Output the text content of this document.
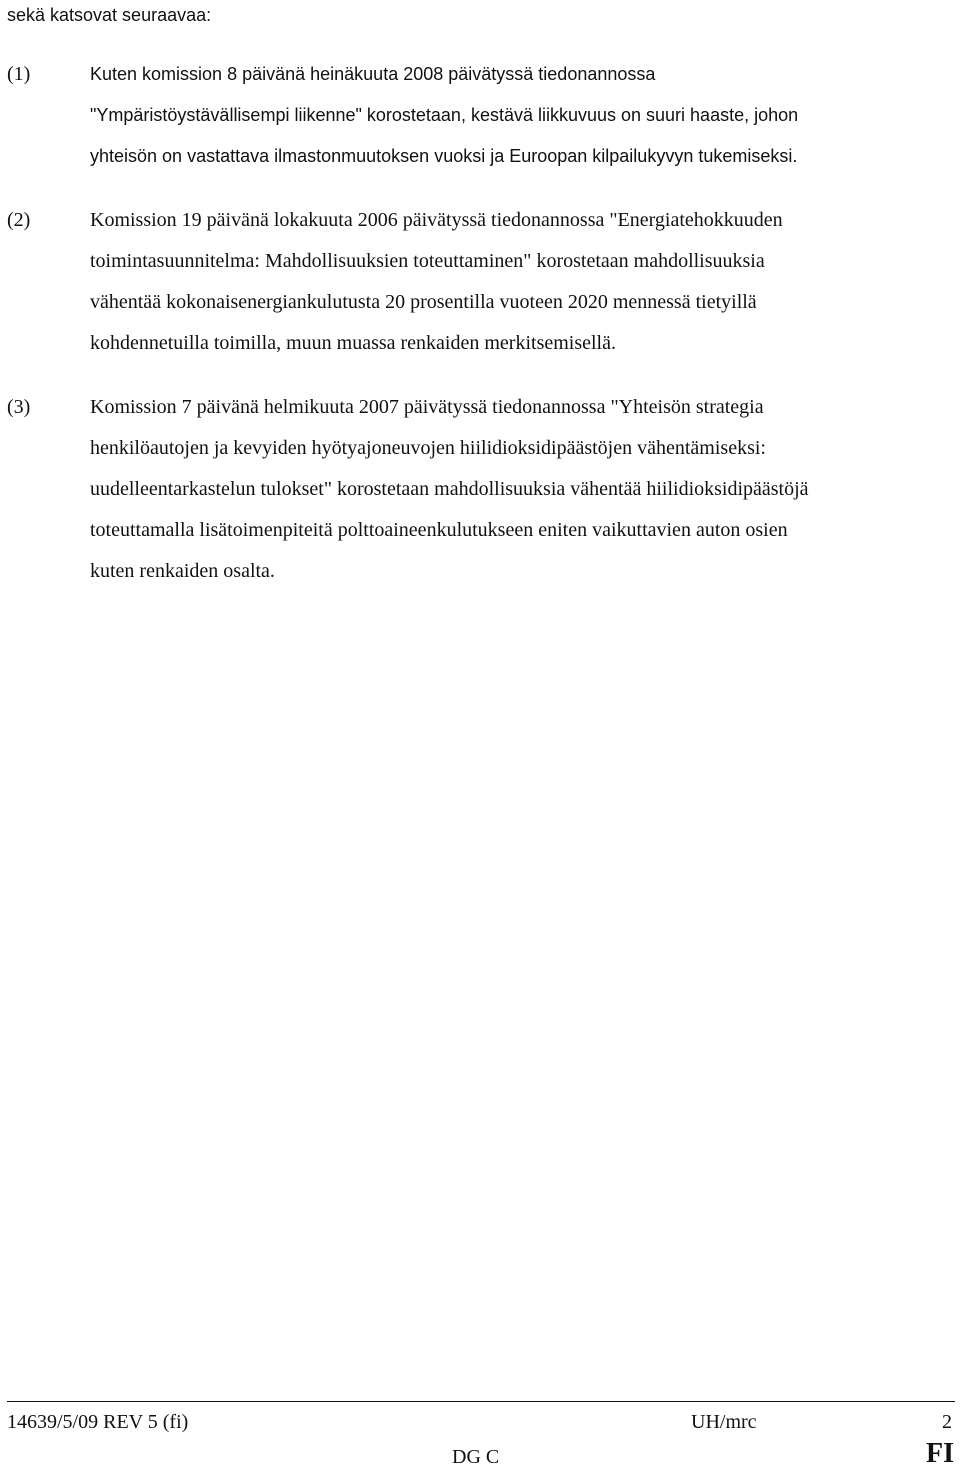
sekä katsovat seuraavaa:
(1)	Kuten komission 8 päivänä heinäkuuta 2008 päivätyssä tiedonannossa
"Ympäristöystävällisempi liikenne" korostetaan, kestävä liikkuvuus on suuri haaste, johon
yhteisön on vastattava ilmastonmuutoksen vuoksi ja Euroopan kilpailukyvyn tukemiseksi.
(2)	Komission 19 päivänä lokakuuta 2006 päivätyssä tiedonannossa "Energiatehokkuuden
toimintasuunnitelma: Mahdollisuuksien toteuttaminen" korostetaan mahdollisuuksia
vähentää kokonaisenergiankulutusta 20 prosentilla vuoteen 2020 mennessä tietyillä
kohdennetuilla toimilla, muun muassa renkaiden merkitsemisellä.
(3)	Komission 7 päivänä helmikuuta 2007 päivätyssä tiedonannossa "Yhteisön strategia
henkilöautojen ja kevyiden hyötyajoneuvojen hiilidioksidipäästöjen vähentämiseksi:
uudelleentarkastelun tulokset" korostetaan mahdollisuuksia vähentää hiilidioksidipäästöjä
toteuttamalla lisätoimenpiteitä polttoaineenkulutukseen eniten vaikuttavien auton osien
kuten renkaiden osalta.
14639/5/09 REV 5 (fi)	UH/mrc	2
DG C	FI
